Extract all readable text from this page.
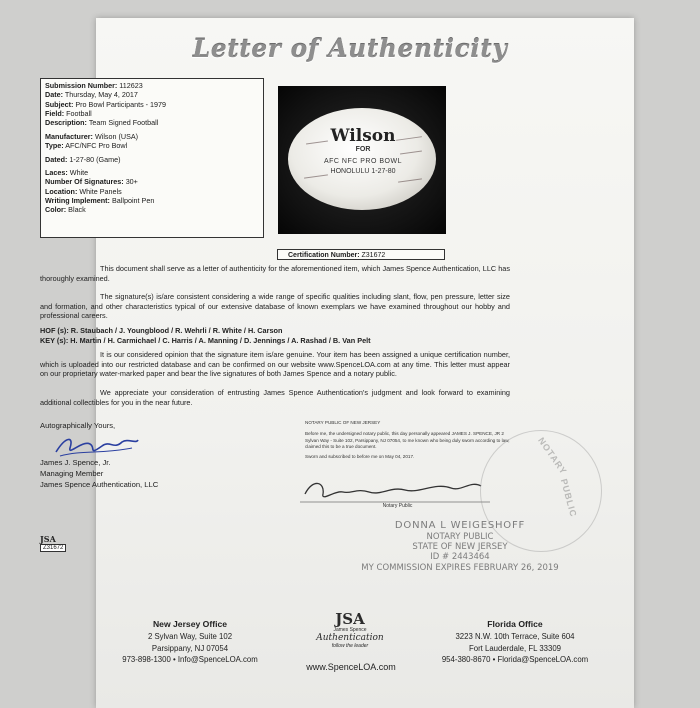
Letter of Authenticity
Submission Number: 112623
Date: Thursday, May 4, 2017
Subject: Pro Bowl Participants - 1979
Field: Football
Description: Team Signed Football
Manufacturer: Wilson (USA)
Type: AFC/NFC Pro Bowl
Dated: 1-27-80 (Game)
Laces: White
Number Of Signatures: 30+
Location: White Panels
Writing Implement: Ballpoint Pen
Color: Black
Wilson
FOR
AFC NFC PRO BOWL
HONOLULU 1-27-80
Certification Number: Z31672
This document shall serve as a letter of authenticity for the aforementioned item, which James Spence Authentication, LLC has thoroughly examined.
The signature(s) is/are consistent considering a wide range of specific qualities including slant, flow, pen pressure, letter size and formation, and other characteristics typical of our extensive database of known exemplars we have examined throughout our hobby and professional careers.
HOF (s): R. Staubach / J. Youngblood / R. Wehrli / R. White / H. Carson
KEY (s): H. Martin / H. Carmichael / C. Harris / A. Manning / D. Jennings / A. Rashad / B. Van Pelt
It is our considered opinion that the signature item is/are genuine. Your item has been assigned a unique certification number, which is uploaded into our restricted database and can be confirmed on our website www.SpenceLOA.com at any time. This letter must appear on our proprietary water-marked paper and bear the live signatures of both James Spence and a notary public.
We appreciate your consideration of entrusting James Spence Authentication's judgment and look forward to examining additional collectibles for you in the near future.
Autographically Yours,
James J. Spence, Jr.
Managing Member
James Spence Authentication, LLC
JSA
Z31672
NOTARY PUBLIC OF NEW JERSEY
Before me, the undersigned notary public, this day personally appeared JAMES J. SPENCE, JR 2 Sylvan Way - Suite 102, Parsippany, NJ 07054, to me known who being duly sworn according to law, claimed this to be a true document.
Sworn and subscribed to before me on May 04, 2017.
Notary Public
DONNA L WEIGESHOFF
NOTARY PUBLIC
STATE OF NEW JERSEY
ID # 2443464
MY COMMISSION EXPIRES FEBRUARY 26, 2019
NOTARY
PUBLIC
New Jersey Office
2 Sylvan Way, Suite 102
Parsippany, NJ 07054
973-898-1300 • Info@SpenceLOA.com
JSA
James Spence
Authentication
follow the leader
www.SpenceLOA.com
Florida Office
3223 N.W. 10th Terrace, Suite 604
Fort Lauderdale, FL 33309
954-380-8670 • Florida@SpenceLOA.com
